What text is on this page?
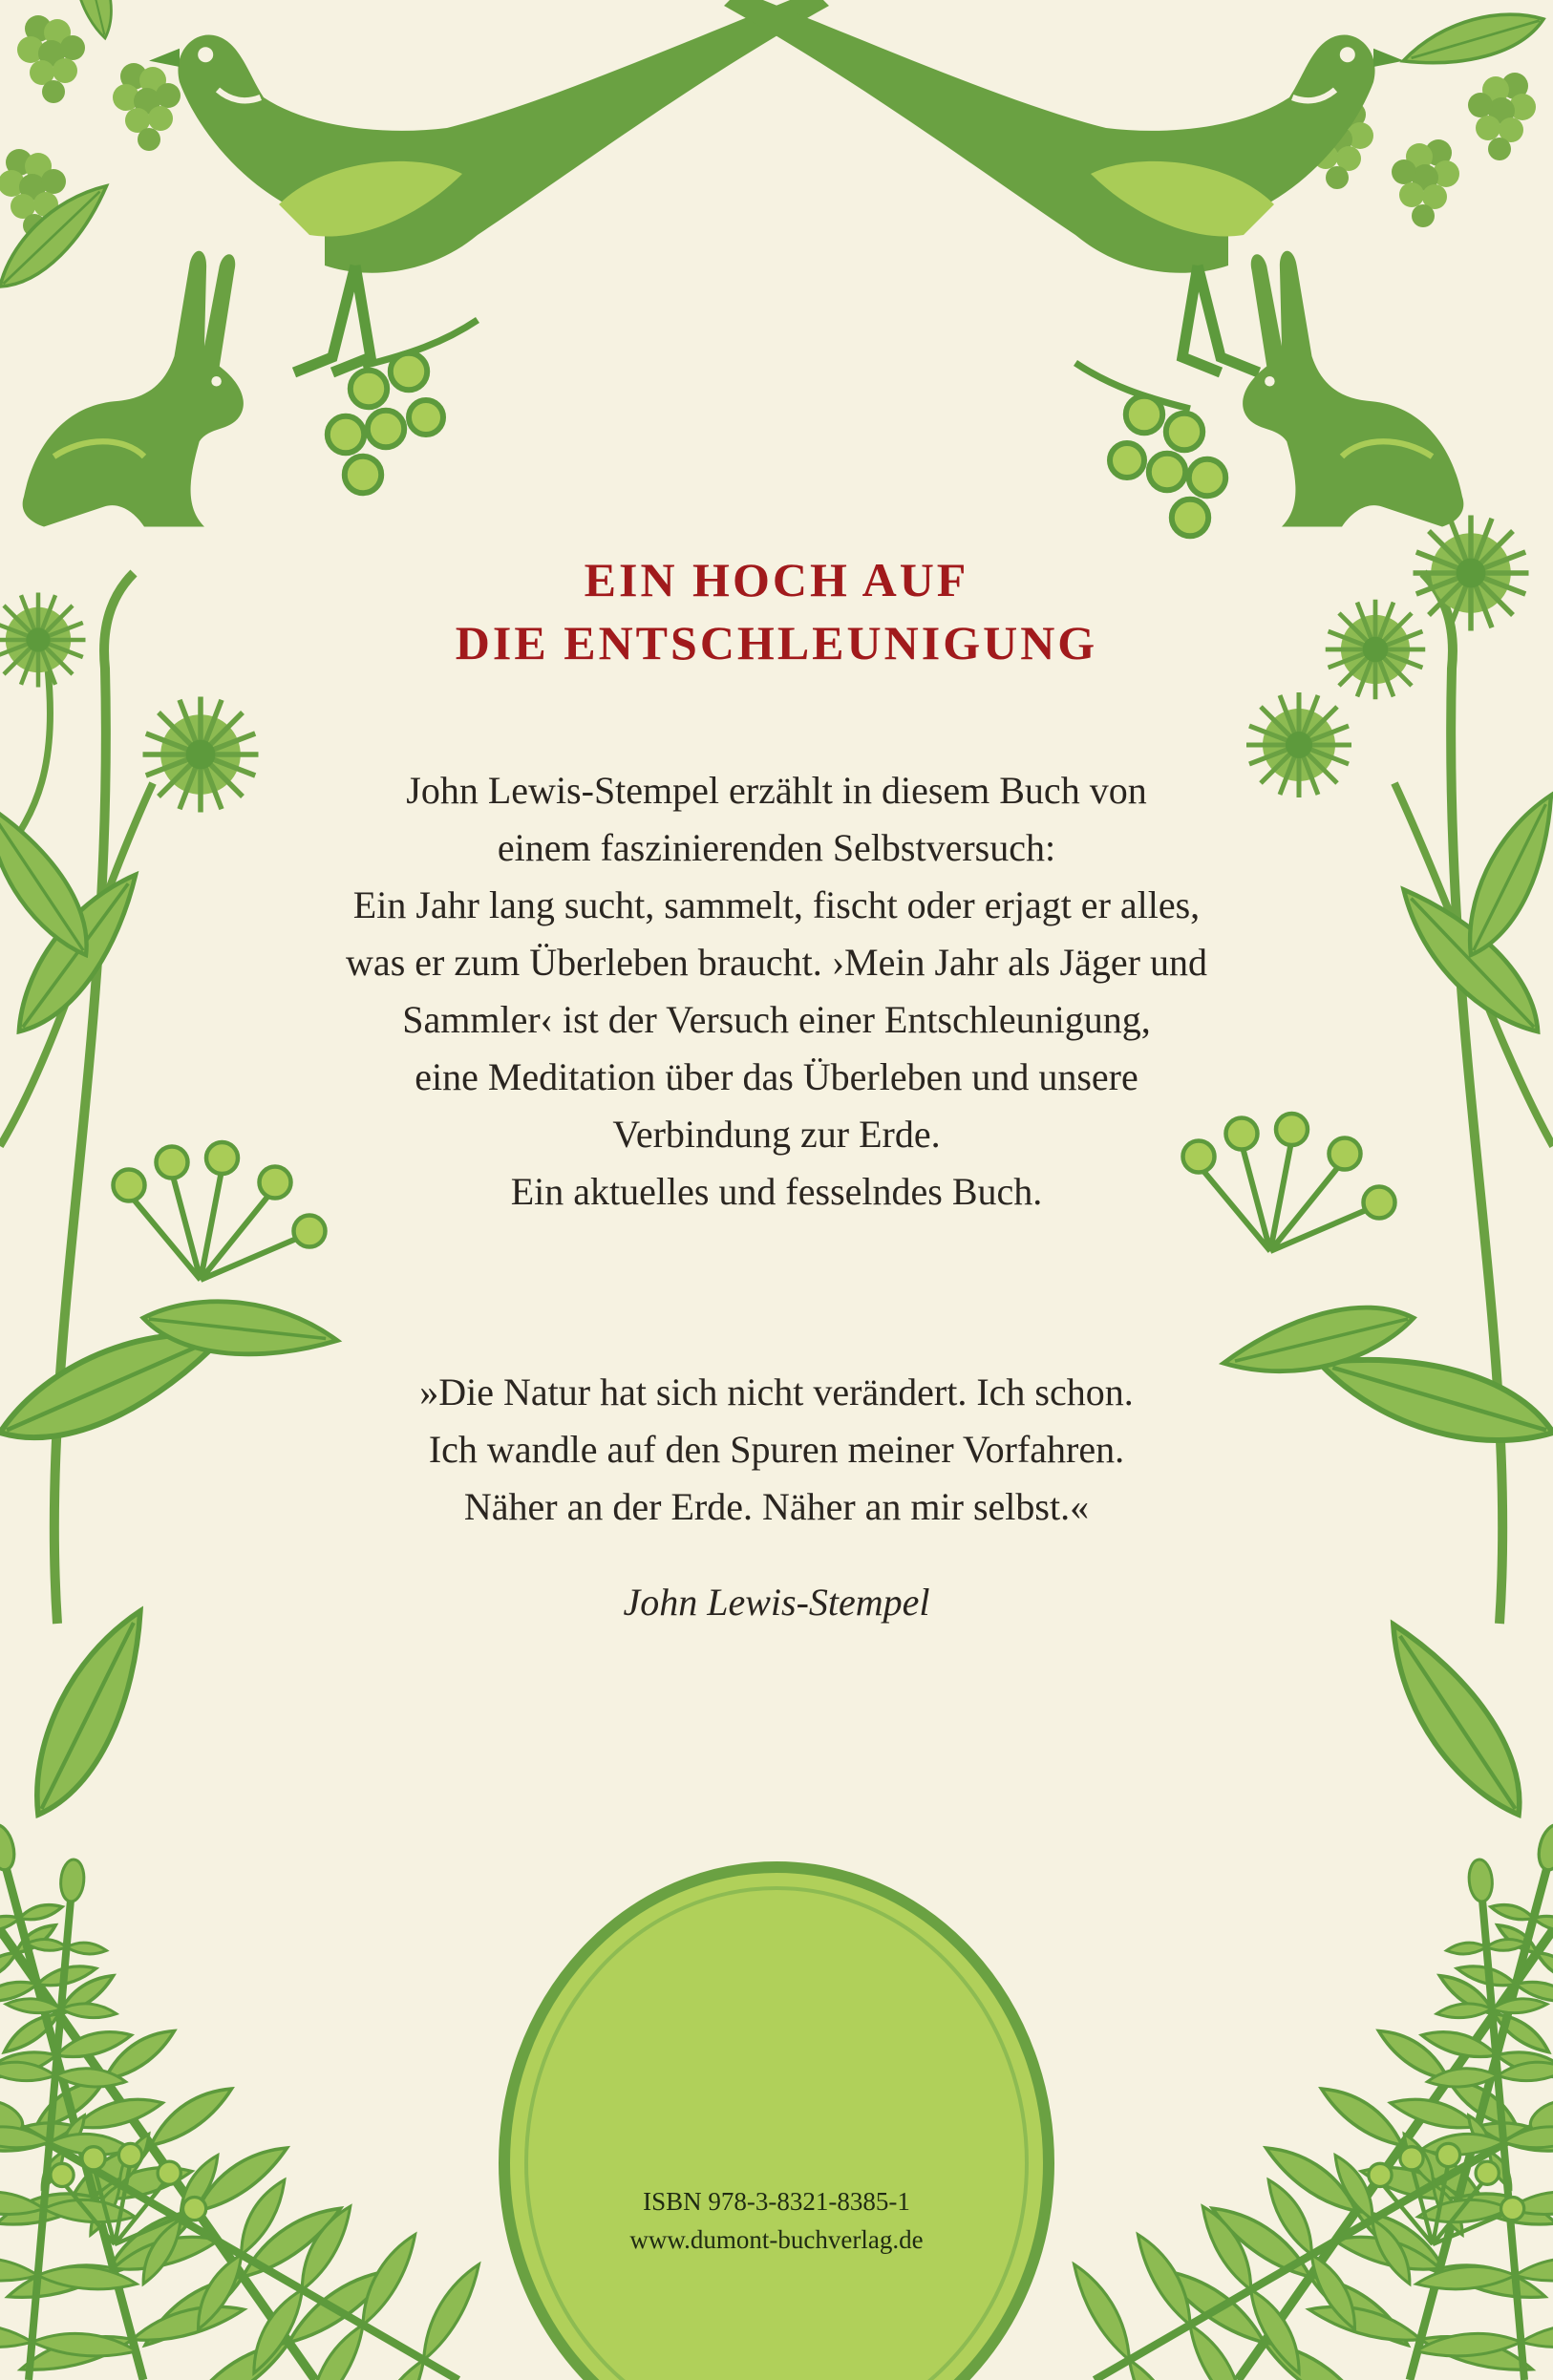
EIN HOCH AUF
DIE ENTSCHLEUNIGUNG
John Lewis-Stempel erzählt in diesem Buch von
einem faszinierenden Selbstversuch:
Ein Jahr lang sucht, sammelt, fischt oder erjagt er alles,
was er zum Überleben braucht. ›Mein Jahr als Jäger und
Sammler‹ ist der Versuch einer Entschleunigung,
eine Meditation über das Überleben und unsere
Verbindung zur Erde.
Ein aktuelles und fesselndes Buch.
»Die Natur hat sich nicht verändert. Ich schon.
Ich wandle auf den Spuren meiner Vorfahren.
Näher an der Erde. Näher an mir selbst.«
John Lewis-Stempel
ISBN 978-3-8321-8385-1
www.dumont-buchverlag.de
